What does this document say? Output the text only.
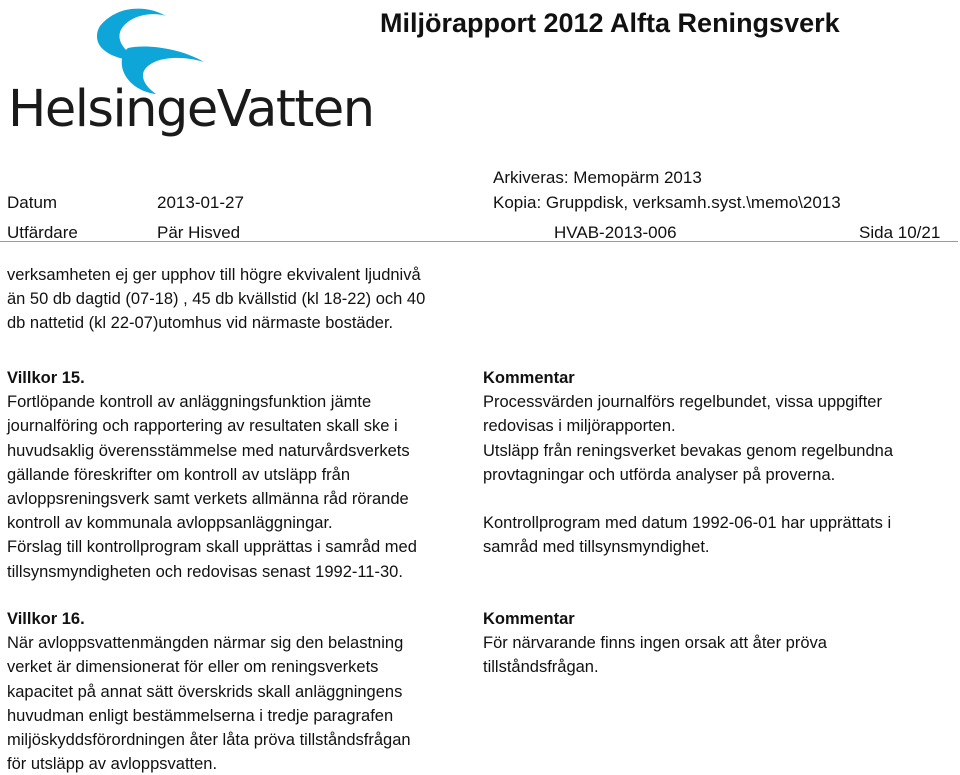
HelsingeVatten
Miljörapport 2012 Alfta Reningsverk
Arkiveras: Memopärm 2013
Kopia: Gruppdisk, verksamh.syst.\memo\2013
Datum	2013-01-27
Utfärdare	Pär Hisved	HVAB-2013-006	Sida 10/21

verksamheten ej ger upphov till högre ekvivalent ljudnivå

än 50 db dagtid (07-18) , 45 db kvällstid (kl 18-22) och 40

db nattetid (kl 22-07)utomhus vid närmaste bostäder.

Villkor 15.

Fortlöpande kontroll av anläggningsfunktion jämte

journalföring och rapportering av resultaten skall ske i

huvudsaklig överensstämmelse med naturvårdsverkets

gällande föreskrifter om kontroll av utsläpp från

avloppsreningsverk samt verkets allmänna råd rörande

kontroll av kommunala avloppsanläggningar.

Förslag till kontrollprogram skall upprättas i samråd med

tillsynsmyndigheten och redovisas senast 1992-11-30.

Kommentar

Processvärden journalförs regelbundet, vissa uppgifter

redovisas i miljörapporten.

Utsläpp från reningsverket bevakas genom regelbundna

provtagningar och utförda analyser på proverna.

Kontrollprogram med datum 1992-06-01 har upprättats i

samråd med tillsynsmyndighet.

Villkor 16.

När avloppsvattenmängden närmar sig den belastning

verket är dimensionerat för eller om reningsverkets

kapacitet på annat sätt överskrids skall anläggningens

huvudman enligt bestämmelserna i tredje paragrafen

miljöskyddsförordningen åter låta pröva tillståndsfrågan

för utsläpp av avloppsvatten.

Kommentar

För närvarande finns ingen orsak att åter pröva

tillståndsfrågan.
